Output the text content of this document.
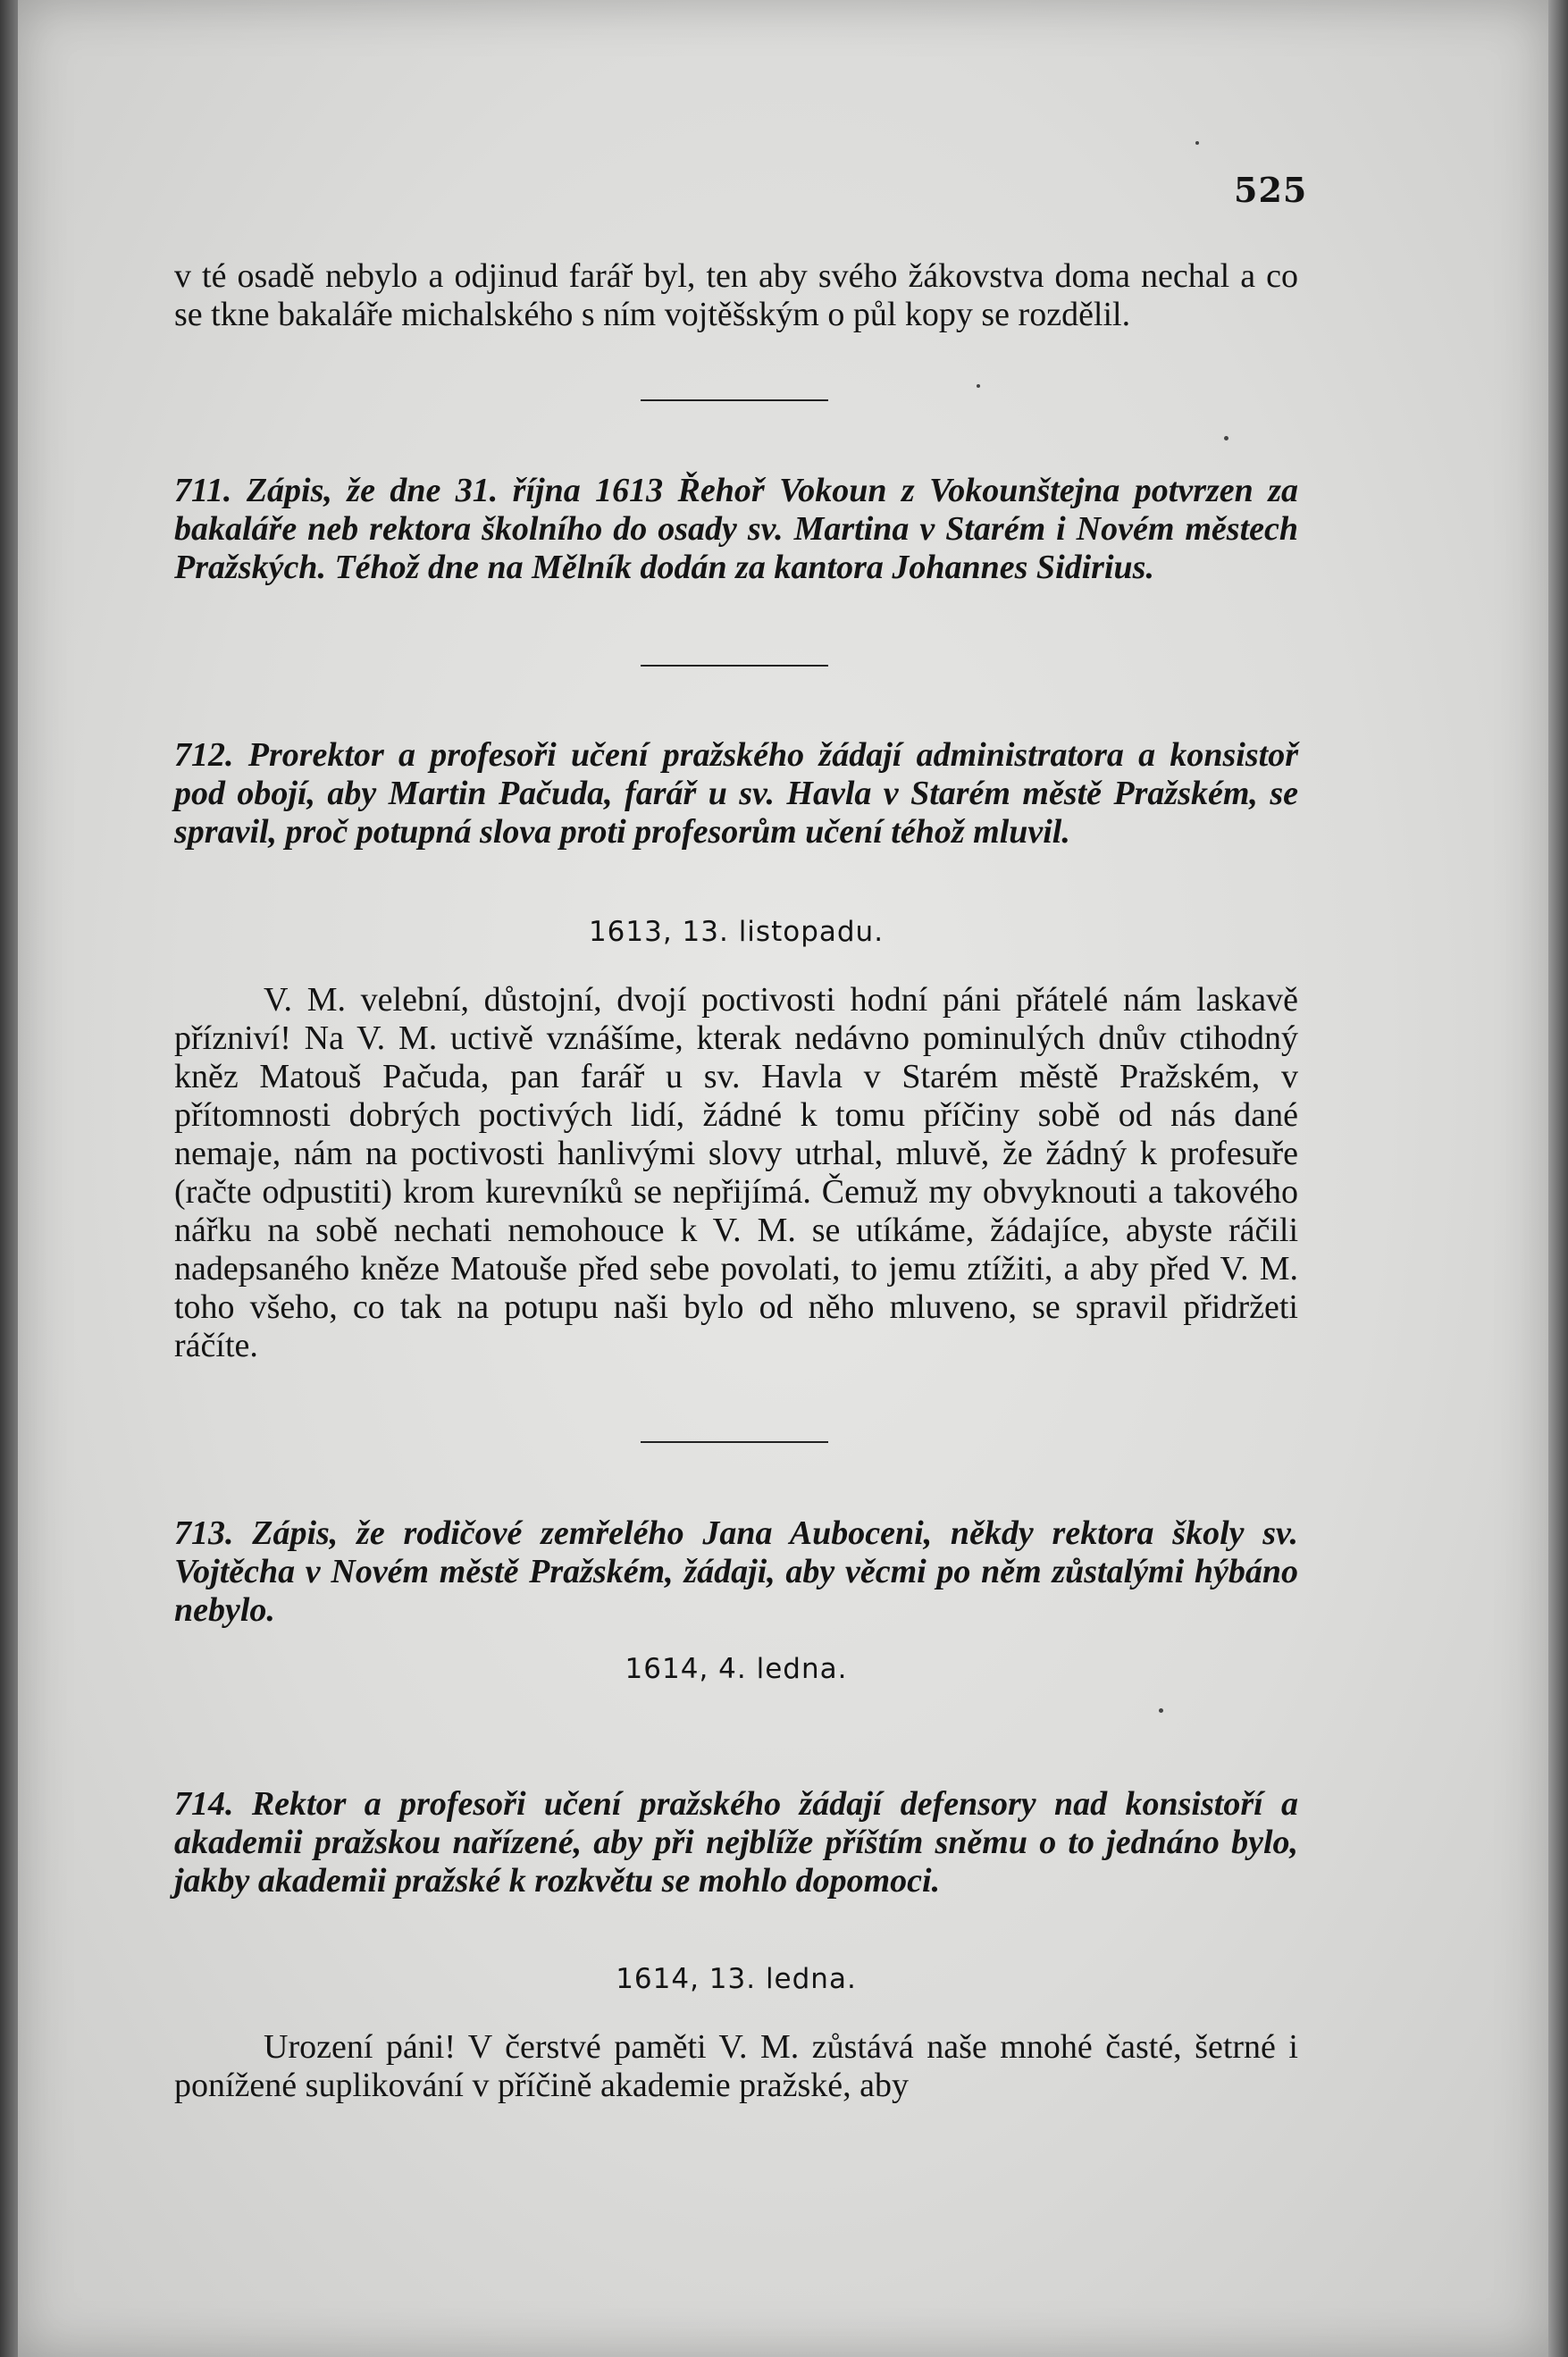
525

v té osadě nebylo a odjinud farář byl, ten aby svého žákovstva doma nechal a co se tkne bakaláře michalského s ním vojtěšským o půl kopy se rozdělil.

711. Zápis, že dne 31. října 1613 Řehoř Vokoun z Vokounštejna potvrzen za bakaláře neb rektora školního do osady sv. Martina v Starém i Novém městech Pražských. Téhož dne na Mělník dodán za kantora Johannes Sidirius.

712. Prorektor a profesoři učení pražského žádají administratora a konsistoř pod obojí, aby Martin Pačuda, farář u sv. Havla v Starém městě Pražském, se spravil, proč potupná slova proti profesorům učení téhož mluvil.

1613, 13. listopadu.

V. M. velební, důstojní, dvojí poctivosti hodní páni přátelé nám laskavě přízniví! Na V. M. uctivě vznášíme, kterak nedávno pominulých dnův ctihodný kněz Matouš Pačuda, pan farář u sv. Havla v Starém městě Pražském, v přítomnosti dobrých poctivých lidí, žádné k tomu příčiny sobě od nás dané nemaje, nám na poctivosti hanlivými slovy utrhal, mluvě, že žádný k profesuře (račte odpustiti) krom kurevníků se nepřijímá. Čemuž my obvyknouti a takového nářku na sobě nechati nemohouce k V. M. se utíkáme, žádajíce, abyste ráčili nadepsaného kněze Matouše před sebe povolati, to jemu ztížiti, a aby před V. M. toho všeho, co tak na potupu naši bylo od něho mluveno, se spravil přidržeti ráčíte.

713. Zápis, že rodičové zemřelého Jana Auboceni, někdy rektora školy sv. Vojtěcha v Novém městě Pražském, žádaji, aby věcmi po něm zůstalými hýbáno nebylo.

1614, 4. ledna.

714. Rektor a profesoři učení pražského žádají defensory nad konsistoří a akademii pražskou nařízené, aby při nejblíže příštím sněmu o to jednáno bylo, jakby akademii pražské k rozkvětu se mohlo dopomoci.

1614, 13. ledna.

Urození páni! V čerstvé paměti V. M. zůstává naše mnohé časté, šetrné i ponížené suplikování v příčině akademie pražské, aby
